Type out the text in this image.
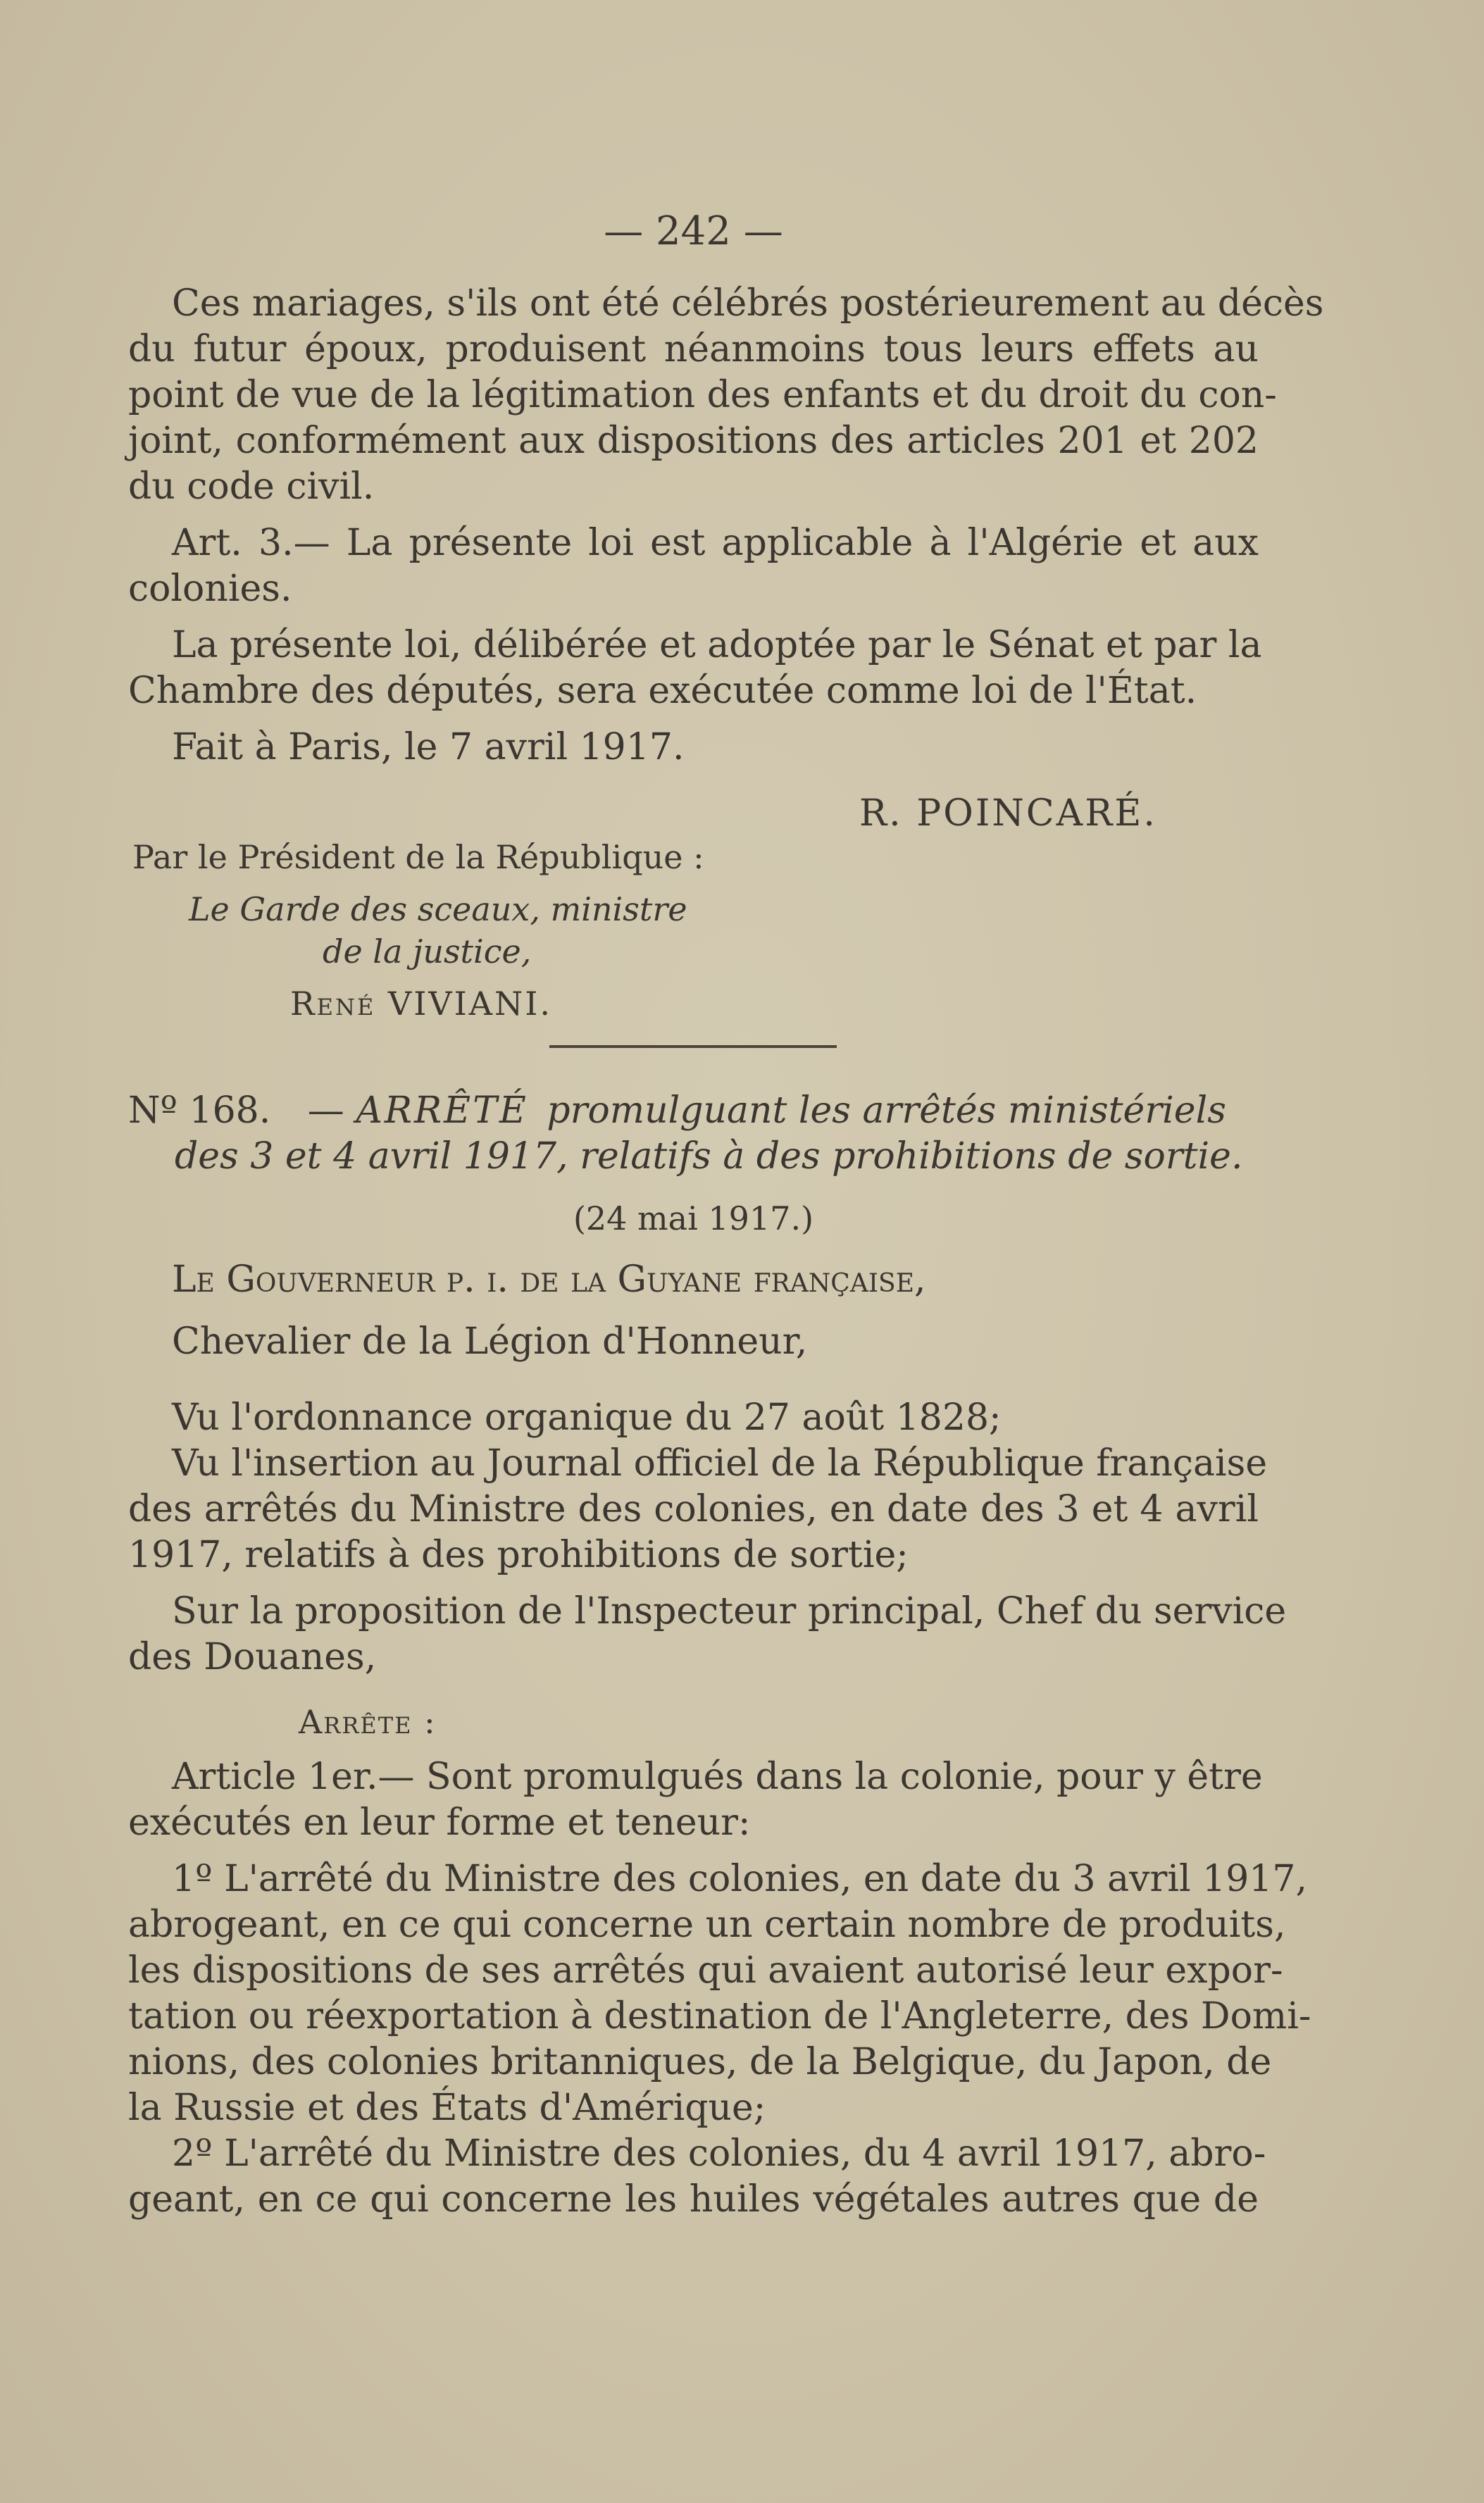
— 242 —
Ces mariages, s'ils ont été célébrés postérieurement au décès
du futur époux, produisent néanmoins tous leurs effets au
point de vue de la légitimation des enfants et du droit du con-
joint, conformément aux dispositions des articles 201 et 202
du code civil.
Art. 3.— La présente loi est applicable à l'Algérie et aux
colonies.
La présente loi, délibérée et adoptée par le Sénat et par la
Chambre des députés, sera exécutée comme loi de l'État.
Fait à Paris, le 7 avril 1917.
R. POINCARÉ.
Par le Président de la République :
Le Garde des sceaux, ministre
de la justice,
René VIVIANI.
Nº 168. — ARRÊTÉ promulguant les arrêtés ministériels
des 3 et 4 avril 1917, relatifs à des prohibitions de sortie.
(24 mai 1917.)
Le Gouverneur p. i. de la Guyane française,
Chevalier de la Légion d'Honneur,
Vu l'ordonnance organique du 27 août 1828;
Vu l'insertion au Journal officiel de la République française
des arrêtés du Ministre des colonies, en date des 3 et 4 avril
1917, relatifs à des prohibitions de sortie;
Sur la proposition de l'Inspecteur principal, Chef du service
des Douanes,
Arrête :
Article 1er.— Sont promulgués dans la colonie, pour y être
exécutés en leur forme et teneur:
1º L'arrêté du Ministre des colonies, en date du 3 avril 1917,
abrogeant, en ce qui concerne un certain nombre de produits,
les dispositions de ses arrêtés qui avaient autorisé leur expor-
tation ou réexportation à destination de l'Angleterre, des Domi-
nions, des colonies britanniques, de la Belgique, du Japon, de
la Russie et des États d'Amérique;
2º L'arrêté du Ministre des colonies, du 4 avril 1917, abro-
geant, en ce qui concerne les huiles végétales autres que de
